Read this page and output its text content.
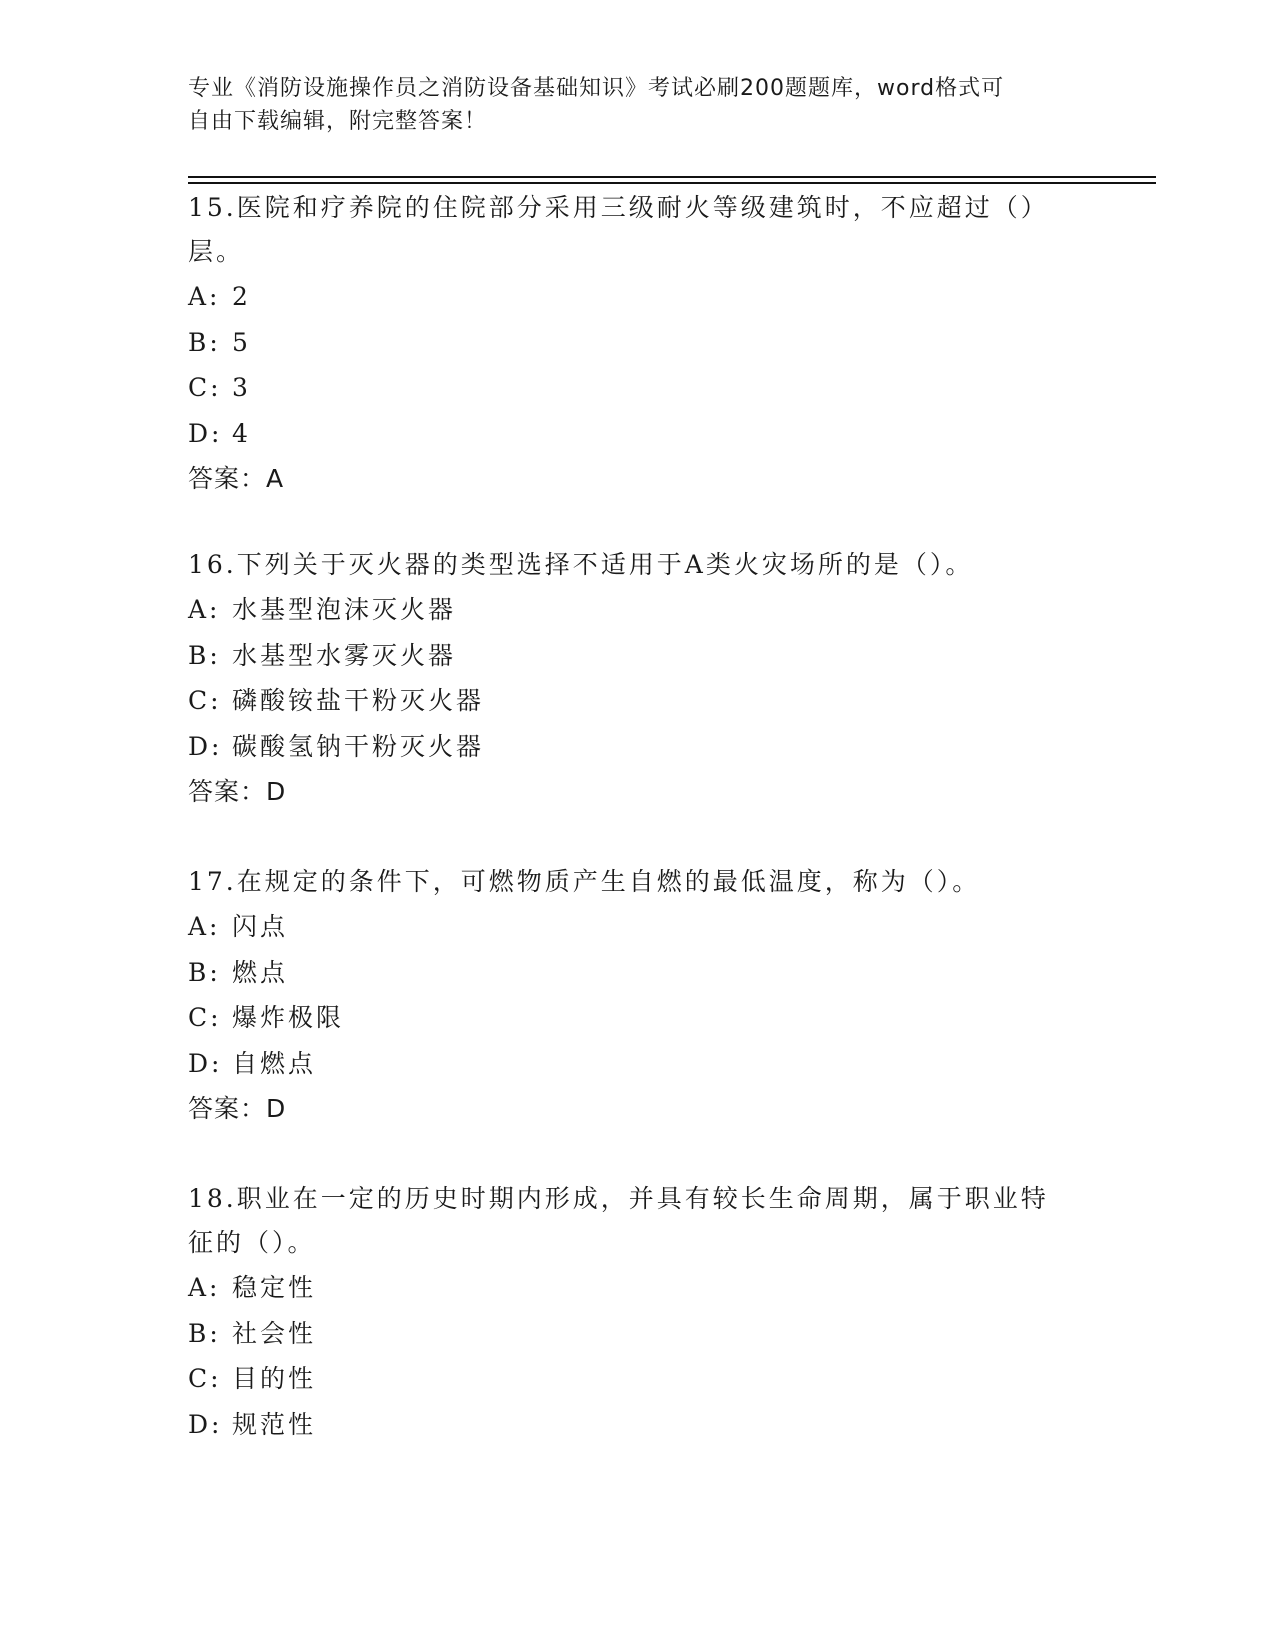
专业《消防设施操作员之消防设备基础知识》考试必刷200题题库，word格式可
自由下载编辑，附完整答案！
15.医院和疗养院的住院部分采用三级耐火等级建筑时，不应超过（）
层。
A: 2
B: 5
C: 3
D: 4
答案：A
16.下列关于灭火器的类型选择不适用于A类火灾场所的是（）。
A: 水基型泡沫灭火器
B: 水基型水雾灭火器
C: 磷酸铵盐干粉灭火器
D: 碳酸氢钠干粉灭火器
答案：D
17.在规定的条件下，可燃物质产生自燃的最低温度，称为（）。
A: 闪点
B: 燃点
C: 爆炸极限
D: 自燃点
答案：D
18.职业在一定的历史时期内形成，并具有较长生命周期，属于职业特
征的（）。
A: 稳定性
B: 社会性
C: 目的性
D: 规范性
